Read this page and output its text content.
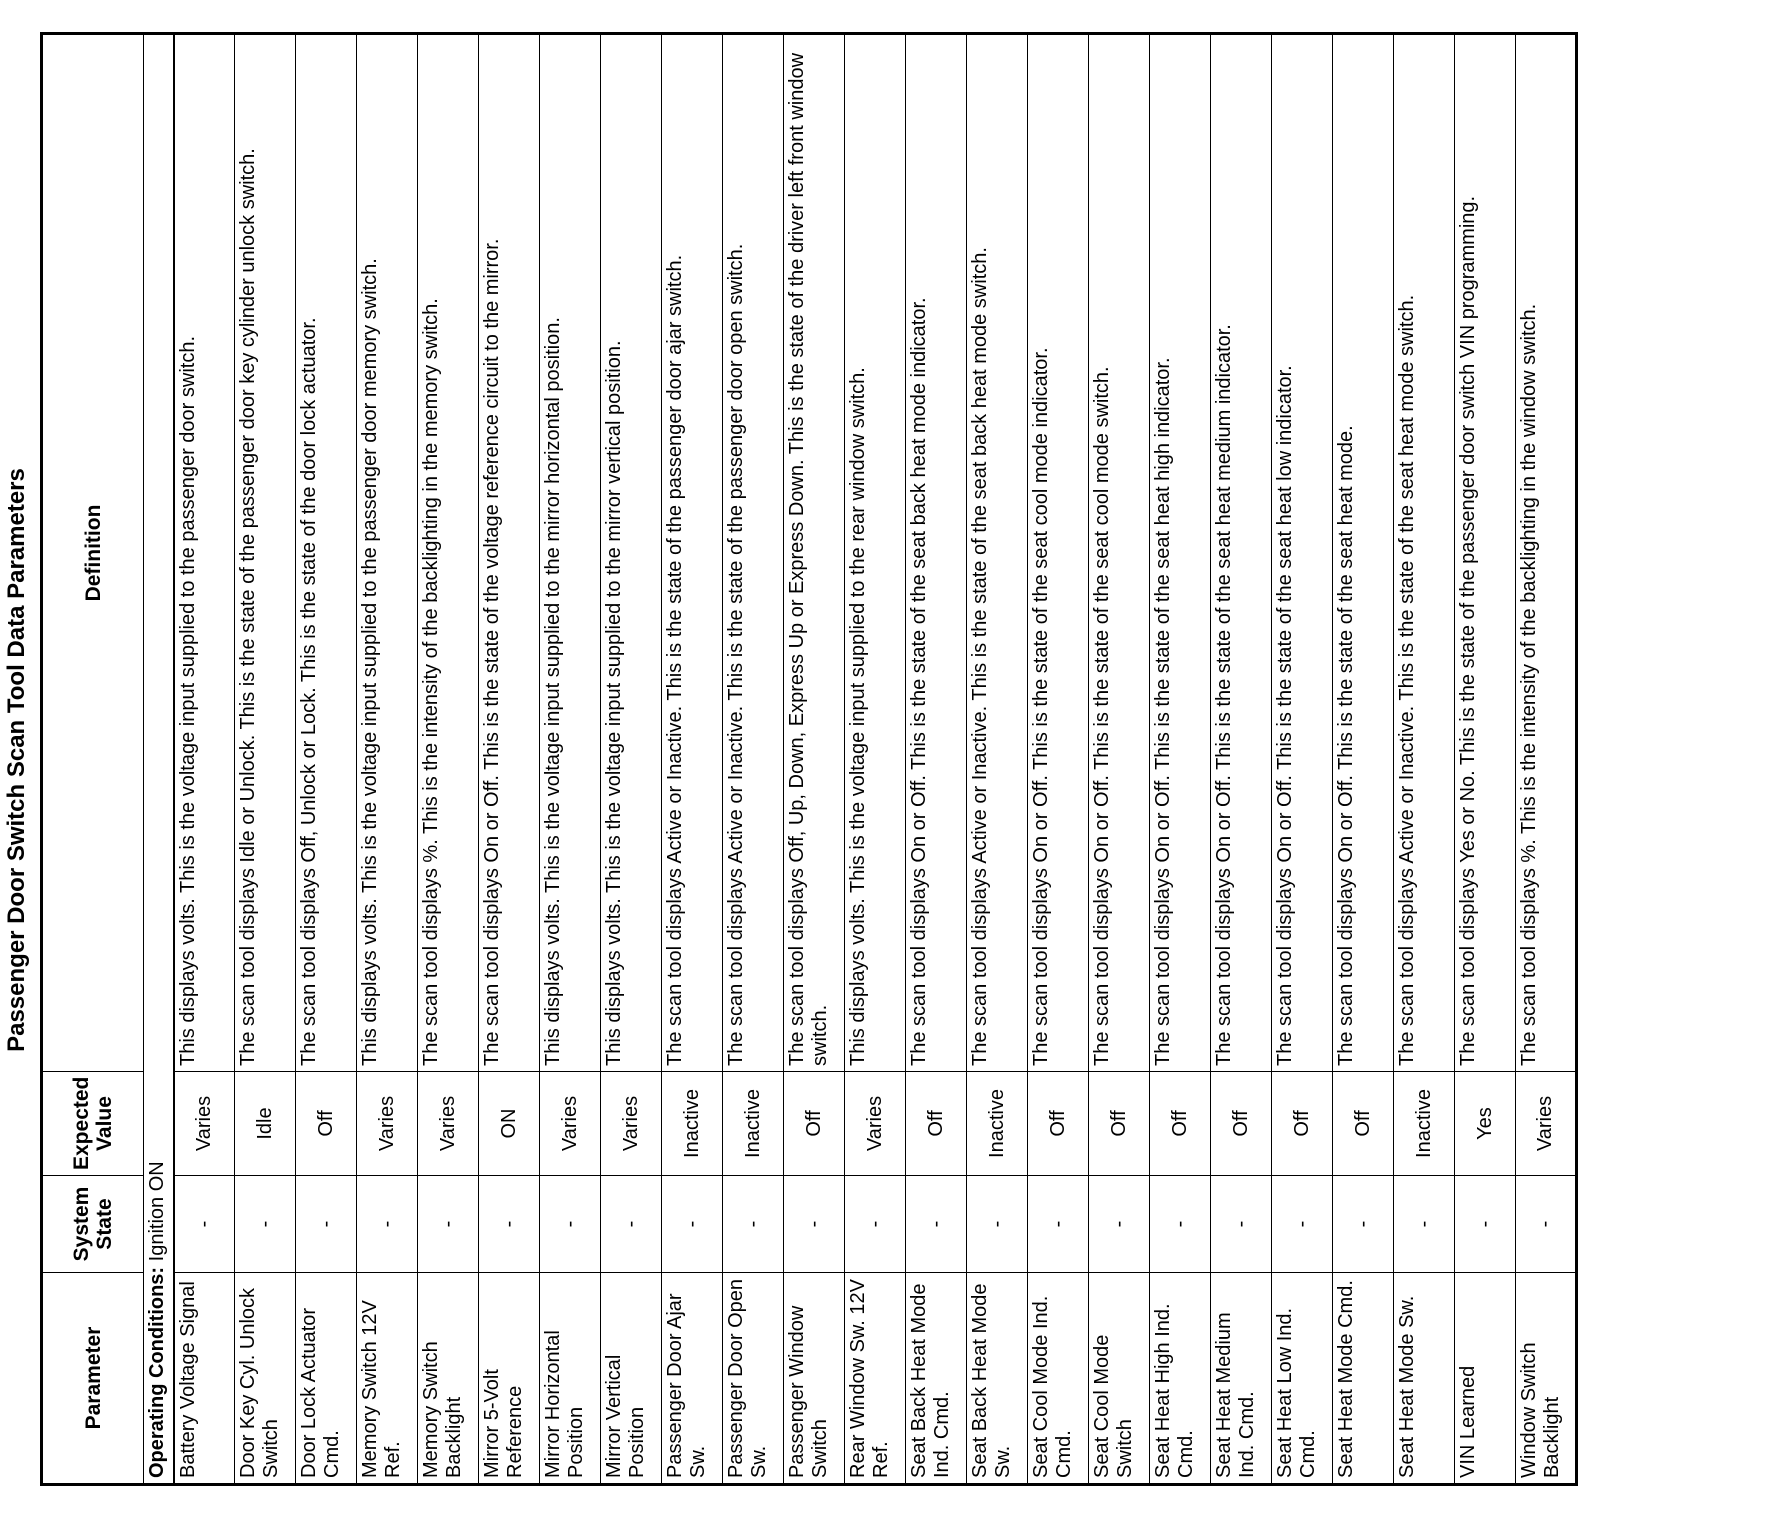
Passenger Door Switch Scan Tool Data Parameters
Parameter	System State	Expected Value	Definition
Operating Conditions: Ignition ON			
Battery Voltage Signal	-	Varies	This displays volts. This is the voltage input supplied to the passenger door switch.
Door Key Cyl. Unlock Switch	-	Idle	The scan tool displays Idle or Unlock. This is the state of the passenger door key cylinder unlock switch.
Door Lock Actuator Cmd.	-	Off	The scan tool displays Off, Unlock or Lock. This is the state of the door lock actuator.
Memory Switch 12V Ref.	-	Varies	This displays volts. This is the voltage input supplied to the passenger door memory switch.
Memory Switch Backlight	-	Varies	The scan tool displays %. This is the intensity of the backlighting in the memory switch.
Mirror 5-Volt Reference	-	ON	The scan tool displays On or Off. This is the state of the voltage reference circuit to the mirror.
Mirror Horizontal Position	-	Varies	This displays volts. This is the voltage input supplied to the mirror horizontal position.
Mirror Vertical Position	-	Varies	This displays volts. This is the voltage input supplied to the mirror vertical position.
Passenger Door Ajar Sw.	-	Inactive	The scan tool displays Active or Inactive. This is the state of the passenger door ajar switch.
Passenger Door Open Sw.	-	Inactive	The scan tool displays Active or Inactive. This is the state of the passenger door open switch.
Passenger Window Switch	-	Off	The scan tool displays Off, Up, Down, Express Up or Express Down. This is the state of the driver left front window switch.
Rear Window Sw. 12V Ref.	-	Varies	This displays volts. This is the voltage input supplied to the rear window switch.
Seat Back Heat Mode Ind. Cmd.	-	Off	The scan tool displays On or Off. This is the state of the seat back heat mode indicator.
Seat Back Heat Mode Sw.	-	Inactive	The scan tool displays Active or Inactive. This is the state of the seat back heat mode switch.
Seat Cool Mode Ind. Cmd.	-	Off	The scan tool displays On or Off. This is the state of the seat cool mode indicator.
Seat Cool Mode Switch	-	Off	The scan tool displays On or Off. This is the state of the seat cool mode switch.
Seat Heat High Ind. Cmd.	-	Off	The scan tool displays On or Off. This is the state of the seat heat high indicator.
Seat Heat Medium Ind. Cmd.	-	Off	The scan tool displays On or Off. This is the state of the seat heat medium indicator.
Seat Heat Low Ind. Cmd.	-	Off	The scan tool displays On or Off. This is the state of the seat heat low indicator.
Seat Heat Mode Cmd.	-	Off	The scan tool displays On or Off. This is the state of the seat heat mode.
Seat Heat Mode Sw.	-	Inactive	The scan tool displays Active or Inactive. This is the state of the seat heat mode switch.
VIN Learned	-	Yes	The scan tool displays Yes or No. This is the state of the passenger door switch VIN programming.
Window Switch Backlight	-	Varies	The scan tool displays %. This is the intensity of the backlighting in the window switch.
